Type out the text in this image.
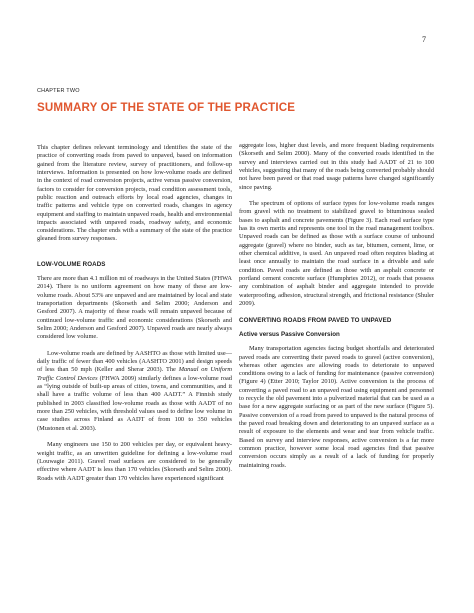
7
CHAPTER TWO
SUMMARY OF THE STATE OF THE PRACTICE

This chapter defines relevant terminology and identifies the state of the practice of converting roads from paved to unpaved, based on information gained from the literature review, survey of practitioners, and follow-up interviews. Information is presented on how low-volume roads are defined in the context of road conversion projects, active versus passive conversion, factors to consider for conversion projects, road condition assessment tools, public reaction and outreach efforts by local road agencies, changes in traffic patterns and vehicle type on converted roads, changes in agency equipment and staffing to maintain unpaved roads, health and environmental impacts associated with unpaved roads, roadway safety, and economic considerations. The chapter ends with a summary of the state of the practice gleaned from survey responses.

LOW-VOLUME ROADS

There are more than 4.1 million mi of roadways in the United States (FHWA 2014). There is no uniform agreement on how many of these are low-volume roads. About 53% are unpaved and are maintained by local and state transportation departments (Skorseth and Selim 2000; Anderson and Gesford 2007). A majority of these roads will remain unpaved because of continued low-volume traffic and economic considerations (Skorseth and Selim 2000; Anderson and Gesford 2007). Unpaved roads are nearly always considered low volume.

Low-volume roads are defined by AASHTO as those with limited use—daily traffic of fewer than 400 vehicles (AASHTO 2001) and design speeds of less than 50 mph (Keller and Sherar 2003). The Manual on Uniform Traffic Control Devices (FHWA 2009) similarly defines a low-volume road as “lying outside of built-up areas of cities, towns, and communities, and it shall have a traffic volume of less than 400 AADT.” A Finnish study published in 2003 classified low-volume roads as those with AADT of no more than 250 vehicles, with threshold values used to define low volume in case studies across Finland as AADT of from 100 to 350 vehicles (Mustonen et al. 2003).

Many engineers use 150 to 200 vehicles per day, or equivalent heavy-weight traffic, as an unwritten guideline for defining a low-volume road (Louwagie 2011). Gravel road surfaces are considered to be generally effective where AADT is less than 170 vehicles (Skorseth and Selim 2000). Roads with AADT greater than 170 vehicles have experienced significant

aggregate loss, higher dust levels, and more frequent blading requirements (Skorseth and Selim 2000). Many of the converted roads identified in the survey and interviews carried out in this study had AADT of 21 to 100 vehicles, suggesting that many of the roads being converted probably should not have been paved or that road usage patterns have changed significantly since paving.

The spectrum of options of surface types for low-volume roads ranges from gravel with no treatment to stabilized gravel to bituminous sealed bases to asphalt and concrete pavements (Figure 3). Each road surface type has its own merits and represents one tool in the road management toolbox. Unpaved roads can be defined as those with a surface course of unbound aggregate (gravel) where no binder, such as tar, bitumen, cement, lime, or other chemical additive, is used. An unpaved road often requires blading at least once annually to maintain the road surface in a drivable and safe condition. Paved roads are defined as those with an asphalt concrete or portland cement concrete surface (Humphries 2012), or roads that possess any combination of asphalt binder and aggregate intended to provide waterproofing, adhesion, structural strength, and frictional resistance (Shuler 2009).

CONVERTING ROADS FROM PAVED TO UNPAVED
Active versus Passive Conversion

Many transportation agencies facing budget shortfalls and deteriorated paved roads are converting their paved roads to gravel (active conversion), whereas other agencies are allowing roads to deteriorate to unpaved conditions owing to a lack of funding for maintenance (passive conversion) (Figure 4) (Etter 2010; Taylor 2010). Active conversion is the process of converting a paved road to an unpaved road using equipment and personnel to recycle the old pavement into a pulverized material that can be used as a base for a new aggregate surfacing or as part of the new surface (Figure 5). Passive conversion of a road from paved to unpaved is the natural process of the paved road breaking down and deteriorating to an unpaved surface as a result of exposure to the elements and wear and tear from vehicle traffic. Based on survey and interview responses, active conversion is a far more common practice, however some local road agencies find that passive conversion occurs simply as a result of a lack of funding for properly maintaining roads.
